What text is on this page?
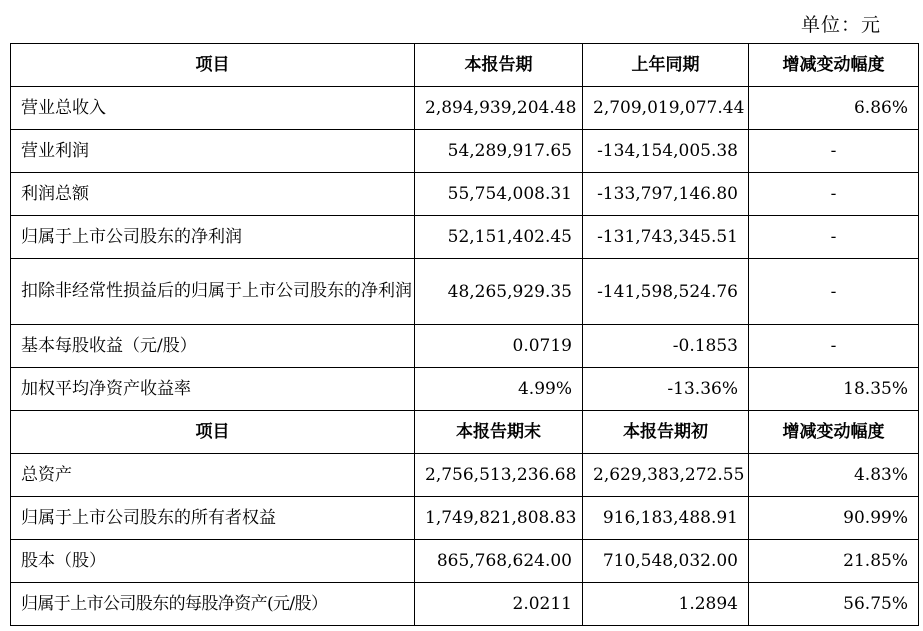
单位：元
项目	本报告期	上年同期	增减变动幅度
营业总收入	2,894,939,204.48	2,709,019,077.44	6.86%
营业利润	54,289,917.65	-134,154,005.38	-
利润总额	55,754,008.31	-133,797,146.80	-
归属于上市公司股东的净利润	52,151,402.45	-131,743,345.51	-
扣除非经常性损益后的归属于上市公司股东的净利润	48,265,929.35	-141,598,524.76	-
基本每股收益（元/股）	0.0719	-0.1853	-
加权平均净资产收益率	4.99%	-13.36%	18.35%
项目	本报告期末	本报告期初	增减变动幅度
总资产	2,756,513,236.68	2,629,383,272.55	4.83%
归属于上市公司股东的所有者权益	1,749,821,808.83	916,183,488.91	90.99%
股本（股）	865,768,624.00	710,548,032.00	21.85%
归属于上市公司股东的每股净资产(元/股）	2.0211	1.2894	56.75%
